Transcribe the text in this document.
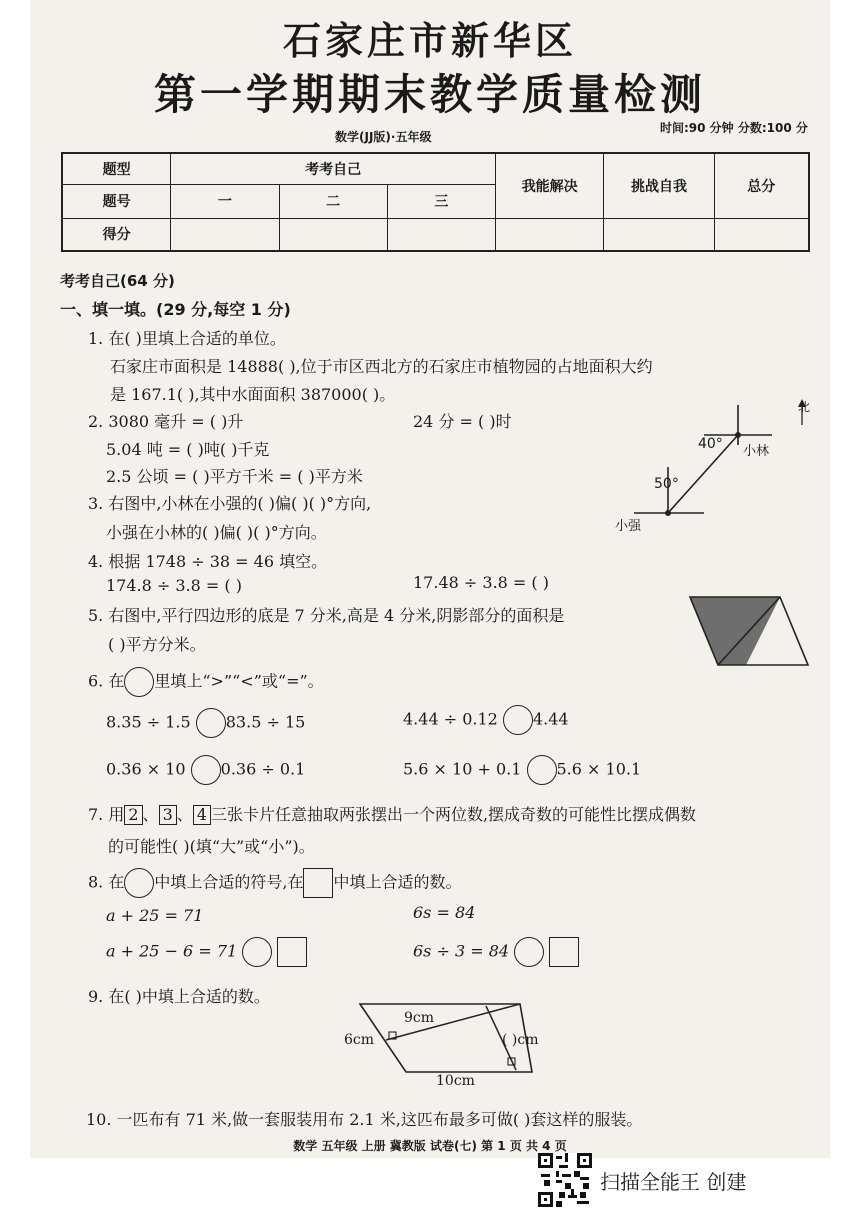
石家庄市新华区
第一学期期末教学质量检测
数学(JJ版)·五年级
时间:90 分钟 分数:100 分
题型	考考自己			我能解决	挑战自我	总分
题号	一	二	三			
得分						
考考自己(64 分)
一、填一填。(29 分,每空 1 分)
1. 在( )里填上合适的单位。
石家庄市面积是 14888( ),位于市区西北方的石家庄市植物园的占地面积大约
是 167.1( ),其中水面面积 387000( )。
2. 3080 毫升 = ( )升	24 分 = ( )时
5.04 吨 = ( )吨( )千克
2.5 公顷 = ( )平方千米 = ( )平方米
3. 右图中,小林在小强的( )偏( )( )°方向,
小强在小林的( )偏( )( )°方向。
北
40° 小林
50°
小强
4. 根据 1748 ÷ 38 = 46 填空。
174.8 ÷ 3.8 = ( )	17.48 ÷ 3.8 = ( )
5. 右图中,平行四边形的底是 7 分米,高是 4 分米,阴影部分的面积是
( )平方分米。
6. 在 里填上“>”“<”或“=”。
8.35 ÷ 1.5 83.5 ÷ 15	4.44 ÷ 0.12 4.44
0.36 × 10 0.36 ÷ 0.1	5.6 × 10 + 0.1 5.6 × 10.1
7. 用 2 、 3 、 4 三张卡片任意抽取两张摆出一个两位数,摆成奇数的可能性比摆成偶数
的可能性( )(填“大”或“小”)。
8. 在 中填上合适的符号,在 中填上合适的数。
a + 25 = 71	6s = 84
a + 25 − 6 = 71	6s ÷ 3 = 84
9. 在( )中填上合适的数。
9cm
6cm
10cm
( )cm
10. 一匹布有 71 米,做一套服装用布 2.1 米,这匹布最多可做( )套这样的服装。
数学 五年级 上册 冀教版 试卷(七) 第 1 页 共 4 页
扫描全能王 创建
